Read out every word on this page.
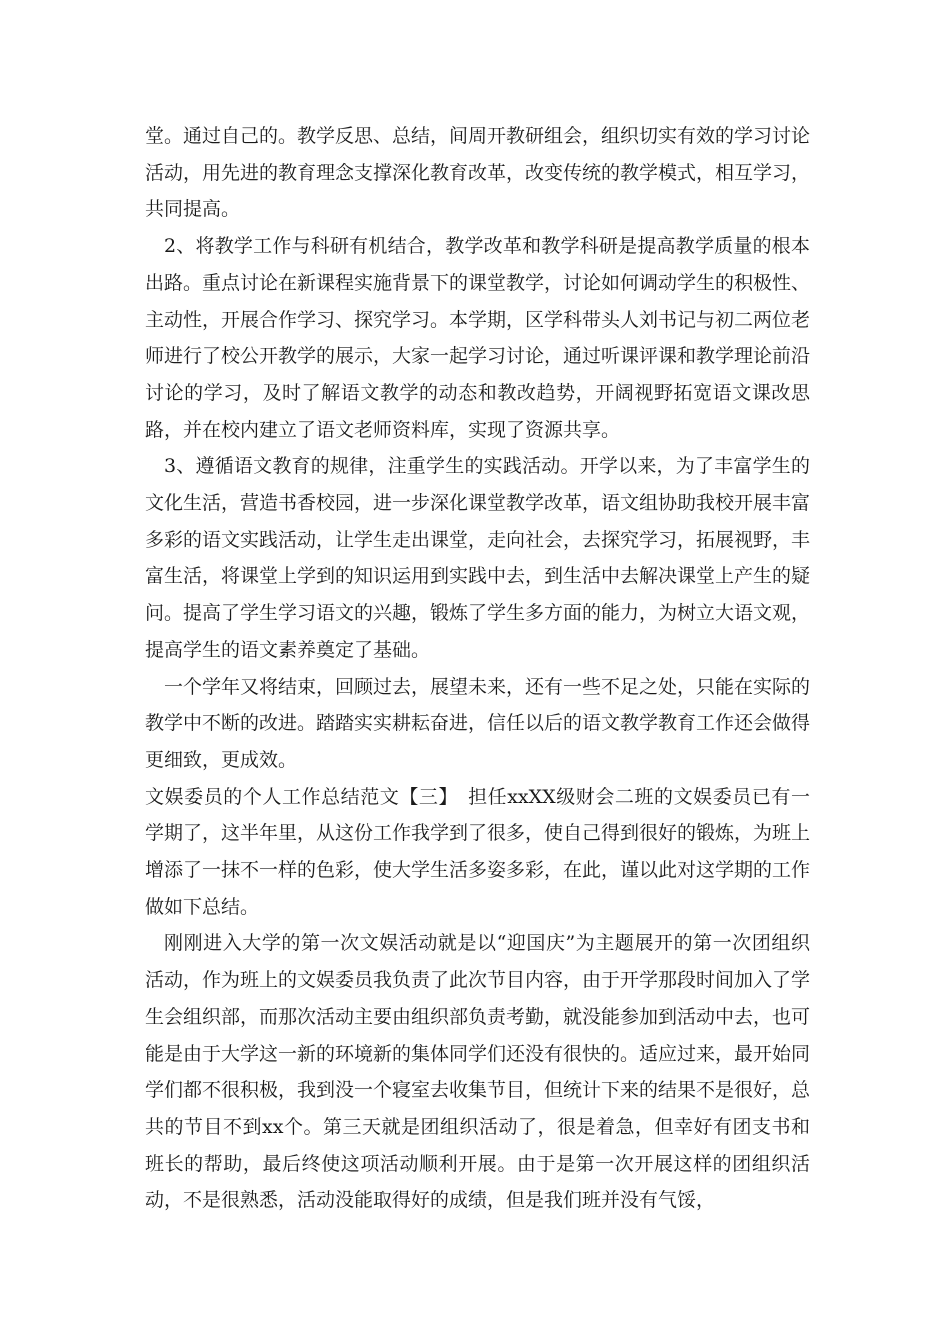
堂。通过自己的。教学反思、总结，间周开教研组会，组织切实有效的学习讨论活动，用先进的教育理念支撑深化教育改革，改变传统的教学模式，相互学习，共同提高。

2、将教学工作与科研有机结合，教学改革和教学科研是提高教学质量的根本出路。重点讨论在新课程实施背景下的课堂教学，讨论如何调动学生的积极性、主动性，开展合作学习、探究学习。本学期，区学科带头人刘书记与初二两位老师进行了校公开教学的展示，大家一起学习讨论，通过听课评课和教学理论前沿讨论的学习，及时了解语文教学的动态和教改趋势，开阔视野拓宽语文课改思路，并在校内建立了语文老师资料库，实现了资源共享。

3、遵循语文教育的规律，注重学生的实践活动。开学以来，为了丰富学生的文化生活，营造书香校园，进一步深化课堂教学改革，语文组协助我校开展丰富多彩的语文实践活动，让学生走出课堂，走向社会，去探究学习，拓展视野，丰富生活，将课堂上学到的知识运用到实践中去，到生活中去解决课堂上产生的疑问。提高了学生学习语文的兴趣，锻炼了学生多方面的能力，为树立大语文观，提高学生的语文素养奠定了基础。

一个学年又将结束，回顾过去，展望未来，还有一些不足之处，只能在实际的教学中不断的改进。踏踏实实耕耘奋进，信任以后的语文教学教育工作还会做得更细致，更成效。

文娱委员的个人工作总结范文【三】　担任xxXX级财会二班的文娱委员已有一学期了，这半年里，从这份工作我学到了很多，使自己得到很好的锻炼，为班上增添了一抹不一样的色彩，使大学生活多姿多彩，在此，谨以此对这学期的工作做如下总结。

刚刚进入大学的第一次文娱活动就是以“迎国庆”为主题展开的第一次团组织活动，作为班上的文娱委员我负责了此次节目内容，由于开学那段时间加入了学生会组织部，而那次活动主要由组织部负责考勤，就没能参加到活动中去，也可能是由于大学这一新的环境新的集体同学们还没有很快的。适应过来，最开始同学们都不很积极，我到没一个寝室去收集节目，但统计下来的结果不是很好，总共的节目不到xx个。第三天就是团组织活动了，很是着急，但幸好有团支书和班长的帮助，最后终使这项活动顺利开展。由于是第一次开展这样的团组织活动，不是很熟悉，活动没能取得好的成绩，但是我们班并没有气馁，
